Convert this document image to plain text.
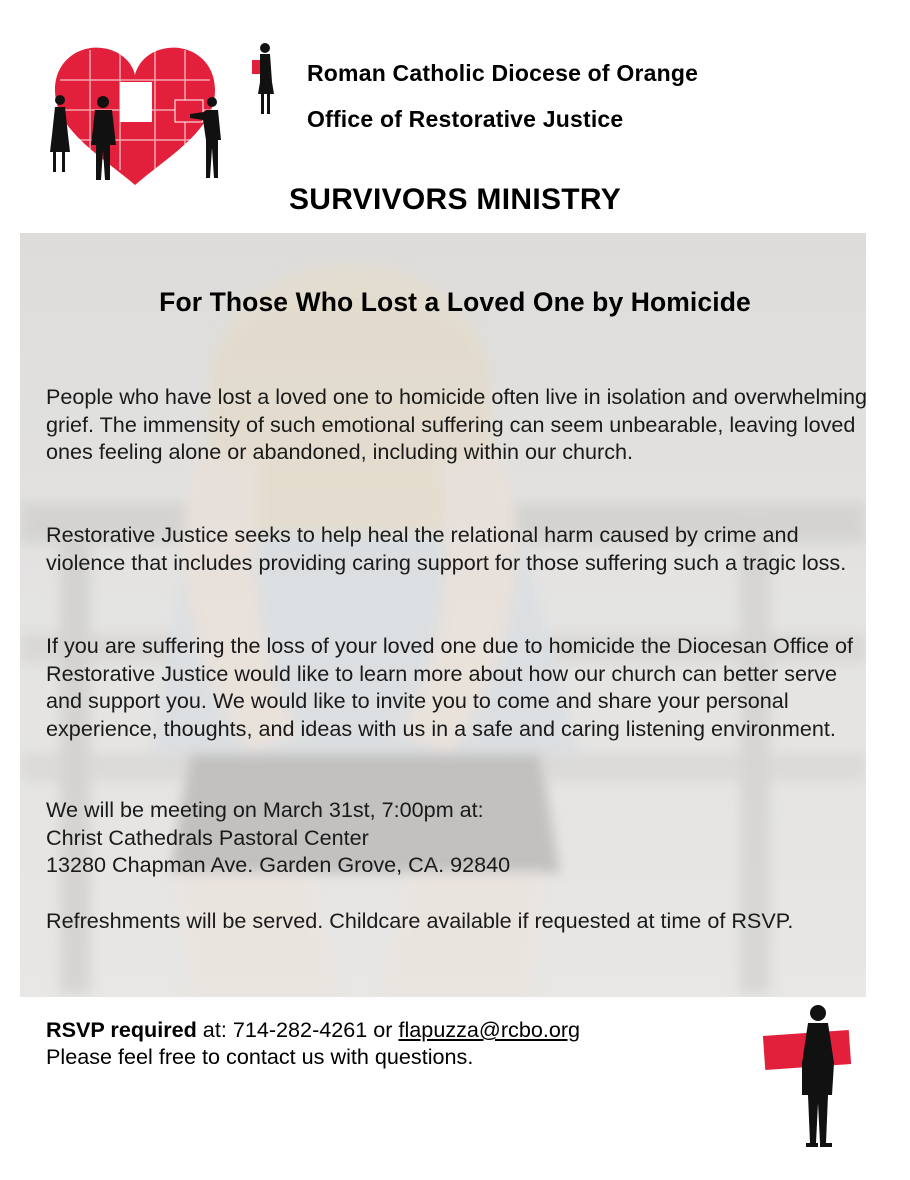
Roman Catholic Diocese of Orange
Office of Restorative Justice
SURVIVORS MINISTRY
For Those Who Lost a Loved One by Homicide

People who have lost a loved one to homicide often live in isolation and overwhelming grief. The immensity of such emotional suffering can seem unbearable, leaving loved ones feeling alone or abandoned, including within our church.

Restorative Justice seeks to help heal the relational harm caused by crime and violence that includes providing caring support for those suffering such a tragic loss.

If you are suffering the loss of your loved one due to homicide the Diocesan Office of Restorative Justice would like to learn more about how our church can better serve and support you. We would like to invite you to come and share your personal experience, thoughts, and ideas with us in a safe and caring listening environment.

We will be meeting on March 31st, 7:00pm at:
Christ Cathedrals Pastoral Center
13280 Chapman Ave. Garden Grove, CA. 92840

Refreshments will be served. Childcare available if requested at time of RSVP.

RSVP required at: 714-282-4261 or flapuzza@rcbo.org
Please feel free to contact us with questions.
